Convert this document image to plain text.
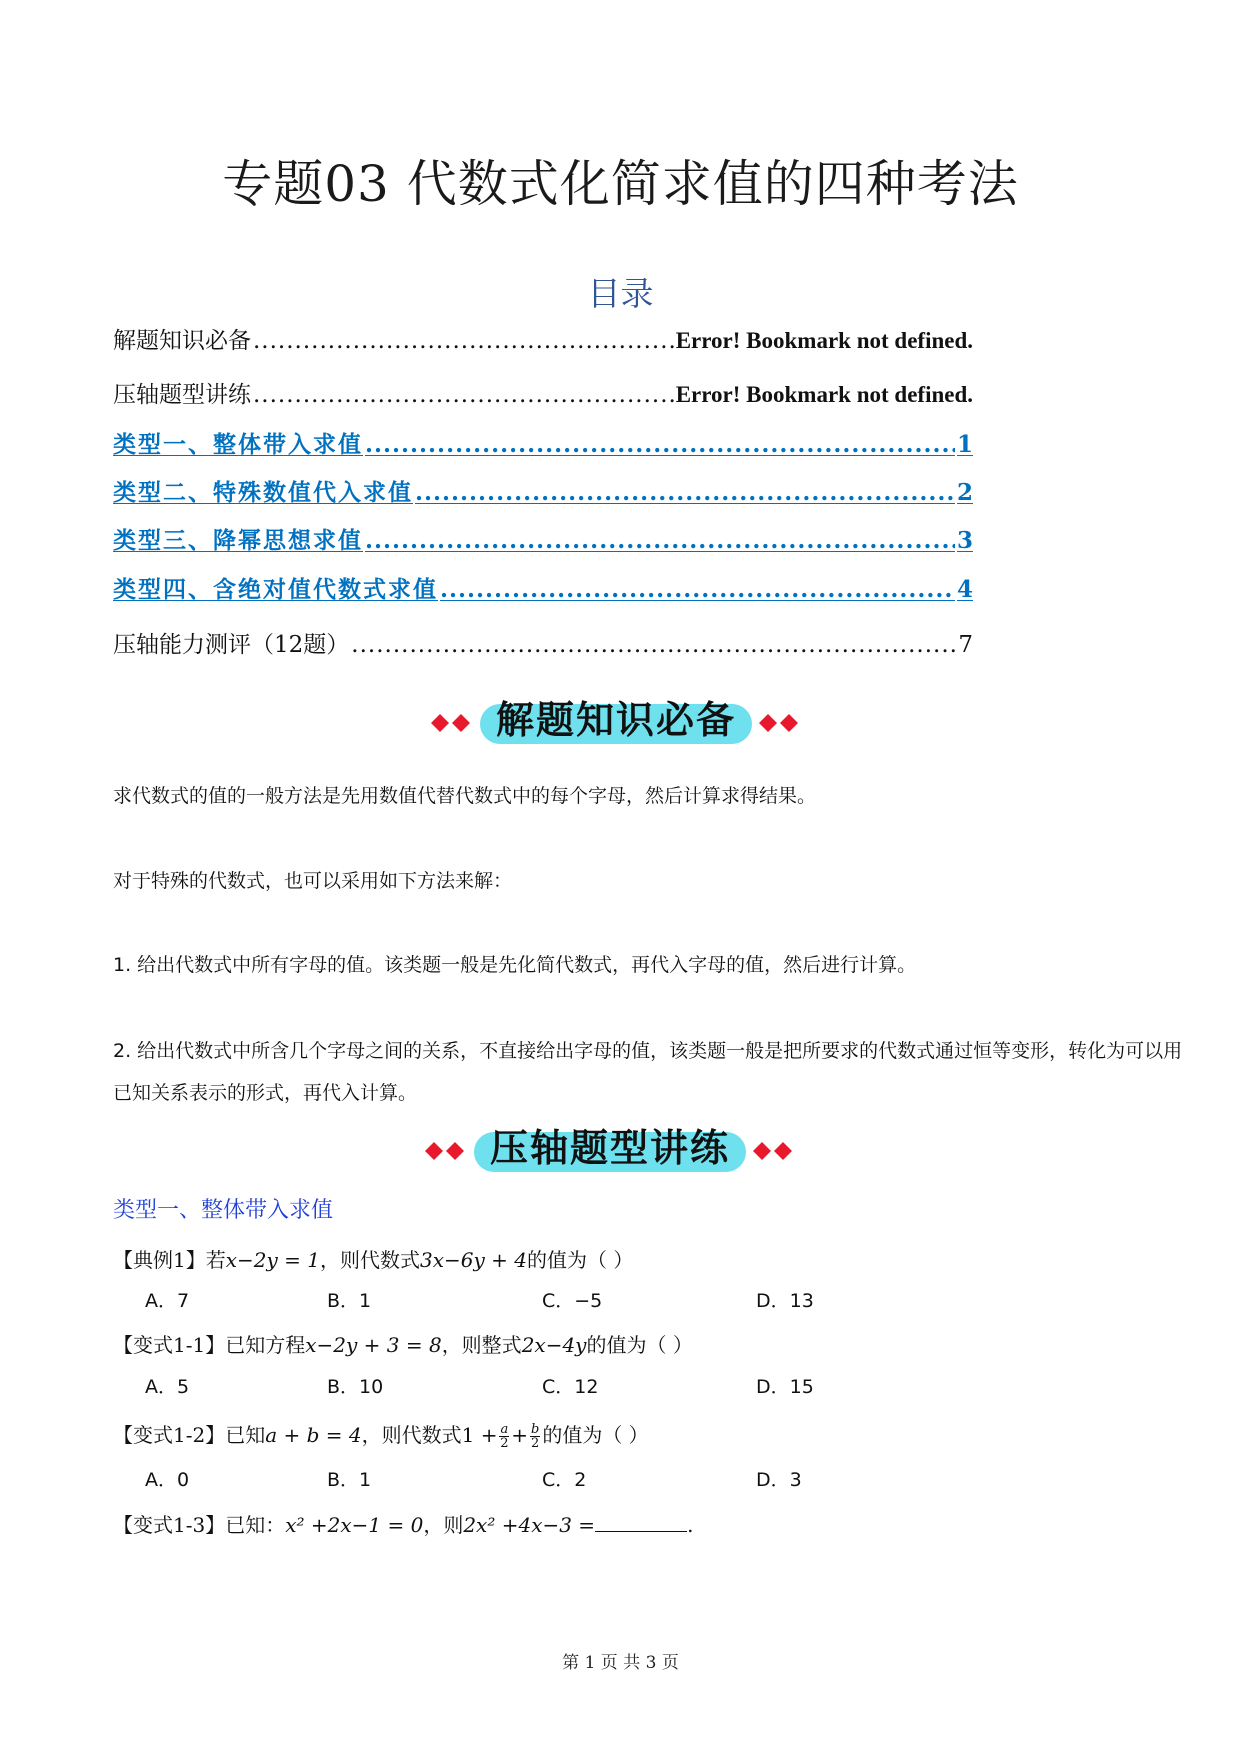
专题03 代数式化简求值的四种考法
目录
解题知识必备 .....	Error! Bookmark not defined.
压轴题型讲练 .....	Error! Bookmark not defined.
类型一、整体带入求值 .....	1
类型二、特殊数值代入求值 .....	2
类型三、降幂思想求值 .....	3
类型四、含绝对值代数式求值 .....	4
压轴能力测评（12题） .....	7
解题知识必备
求代数式的值的一般方法是先用数值代替代数式中的每个字母，然后计算求得结果。
对于特殊的代数式，也可以采用如下方法来解：
1. 给出代数式中所有字母的值。该类题一般是先化简代数式，再代入字母的值，然后进行计算。
2. 给出代数式中所含几个字母之间的关系，不直接给出字母的值，该类题一般是把所要求的代数式通过恒等变形，转化为可以用已知关系表示的形式，再代入计算。
压轴题型讲练
类型一、整体带入求值
【典例1】若x−2y = 1，则代数式3x−6y + 4的值为（ ）
A．7	B．1	C．−5	D．13
【变式1-1】已知方程x−2y + 3 = 8，则整式2x−4y的值为（ ）
A．5	B．10	C．12	D．15
【变式1-2】已知a + b = 4，则代数式$1 + \frac{a}{2} + \frac{b}{2}$ 的值为（ ）
A．0	B．1	C．2	D．3
【变式1-3】已知：x² +2x−1 = 0，则2x² +4x−3 =	.
第 1 页 共 3 页
